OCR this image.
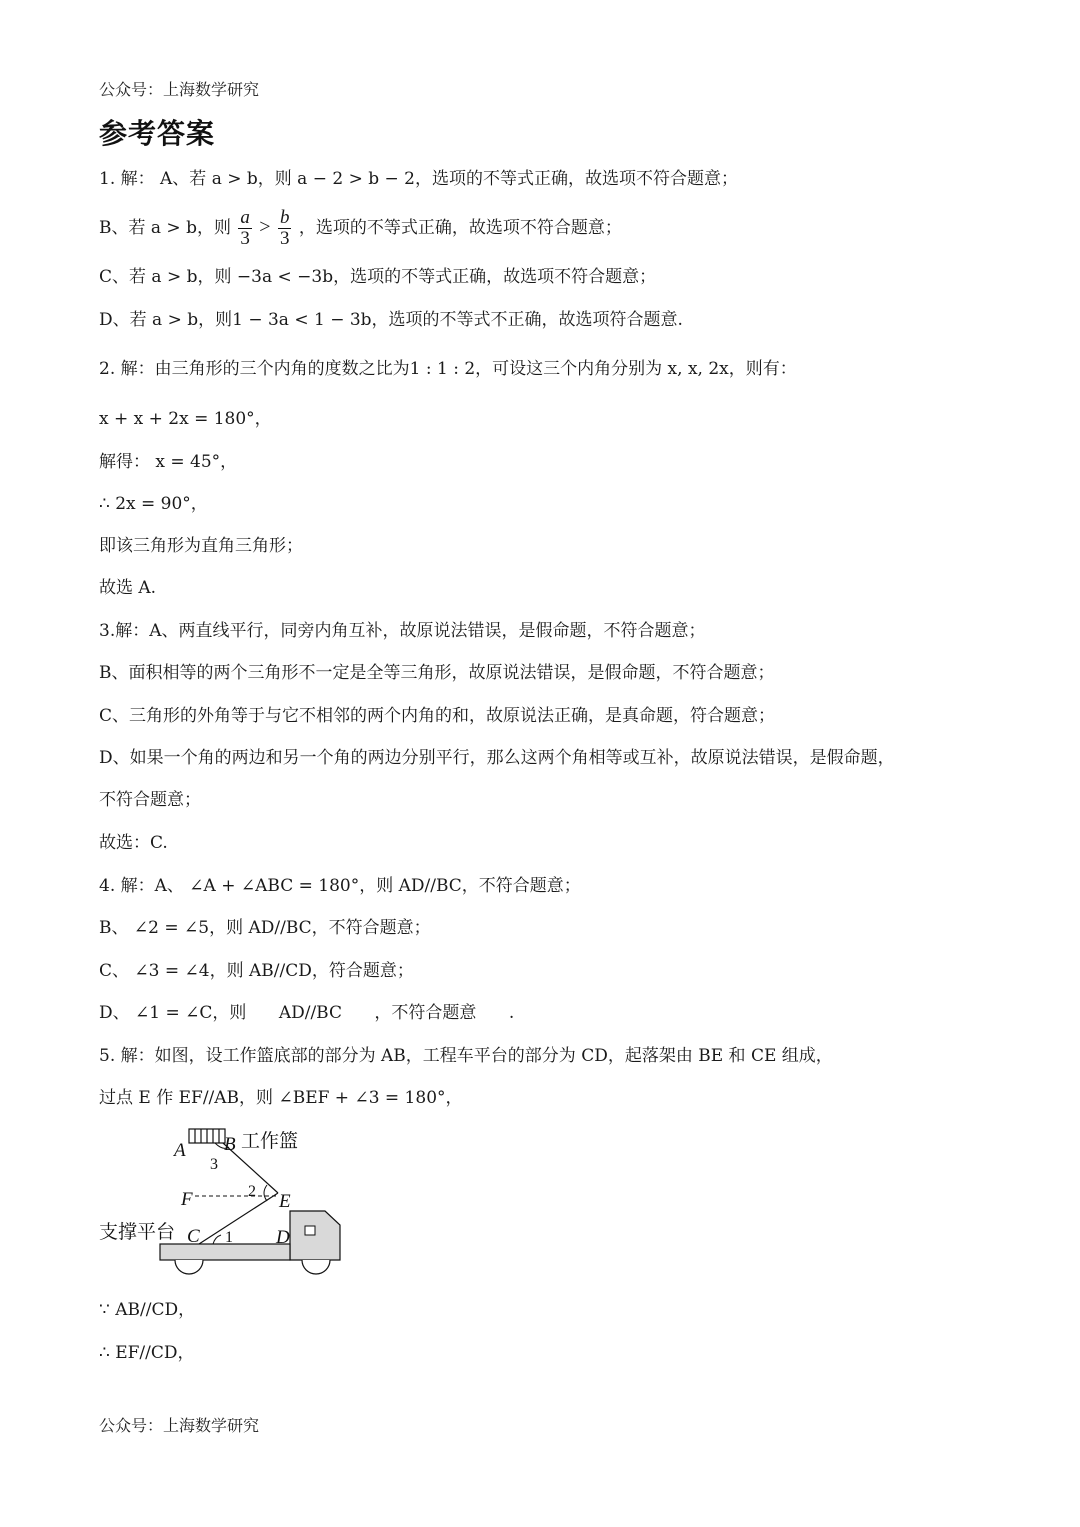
公众号：上海数学研究
参考答案
1. 解： A、若 a > b，则 a − 2 > b − 2，选项的不等式正确，故选项不符合题意；
B、若 a > b，则 $\frac{a}{3} > \frac{b}{3}$ ，选项的不等式正确，故选项不符合题意；
C、若 a > b，则 −3a < −3b，选项的不等式正确，故选项不符合题意；
D、若 a > b，则1 − 3a < 1 − 3b，选项的不等式不正确，故选项符合题意.
2. 解：由三角形的三个内角的度数之比为1 : 1 : 2，可设这三个内角分别为 x, x, 2x，则有：
x + x + 2x = 180°，
解得： x = 45°，
∴ 2x = 90°，
即该三角形为直角三角形；
故选 A.
3.解：A、两直线平行，同旁内角互补，故原说法错误，是假命题，不符合题意；
B、面积相等的两个三角形不一定是全等三角形，故原说法错误，是假命题，不符合题意；
C、三角形的外角等于与它不相邻的两个内角的和，故原说法正确，是真命题，符合题意；
D、如果一个角的两边和另一个角的两边分别平行，那么这两个角相等或互补，故原说法错误，是假命题，
不符合题意；
故选：C.
4. 解：A、 ∠A + ∠ABC = 180°，则 AD//BC，不符合题意；
B、 ∠2 = ∠5，则 AD//BC，不符合题意；
C、 ∠3 = ∠4，则 AB//CD，符合题意；
D、 ∠1 = ∠C，则      AD//BC      ，不符合题意      .
5. 解：如图，设工作篮底部的部分为 AB，工程车平台的部分为 CD，起落架由 BE 和 CE 组成，
过点 E 作 EF//AB，则 ∠BEF + ∠3 = 180°，
A B
F	E
C	D
3
2
1
工作篮
支撑平台
∵ AB//CD，
∴ EF//CD，
公众号：上海数学研究
